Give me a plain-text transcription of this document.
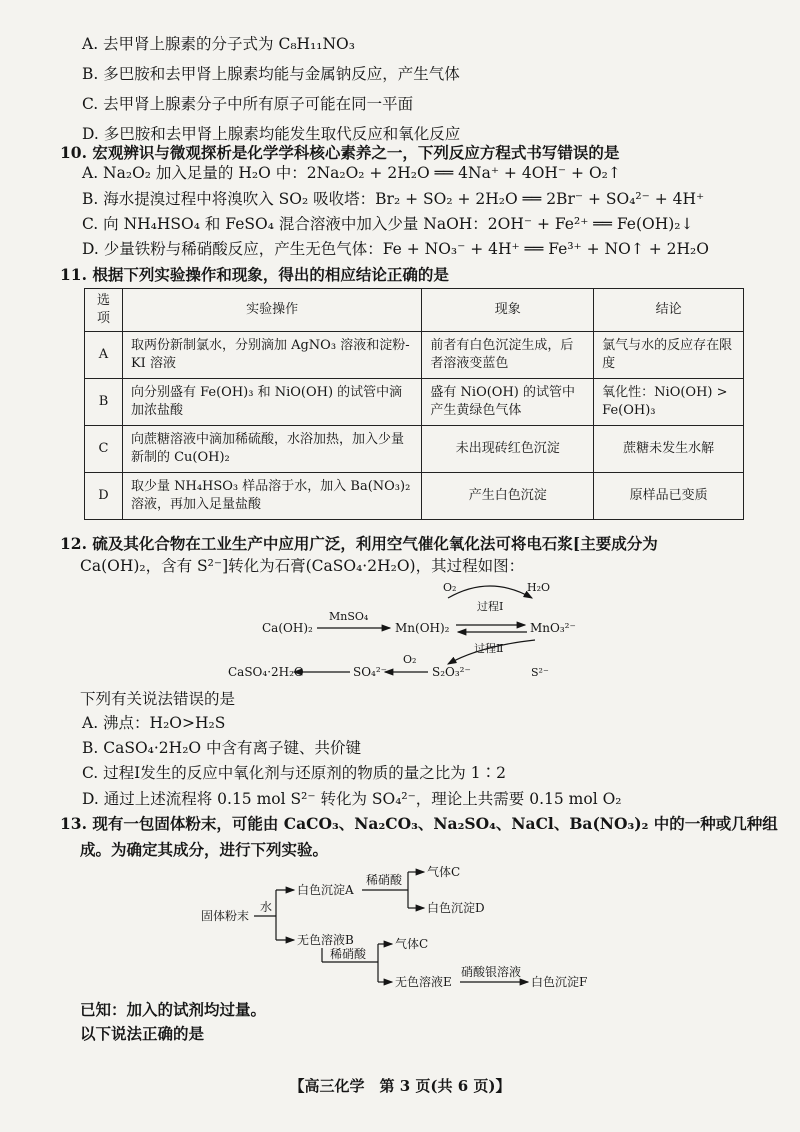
A. 去甲肾上腺素的分子式为 C₈H₁₁NO₃
B. 多巴胺和去甲肾上腺素均能与金属钠反应，产生气体
C. 去甲肾上腺素分子中所有原子可能在同一平面
D. 多巴胺和去甲肾上腺素均能发生取代反应和氧化反应
10. 宏观辨识与微观探析是化学学科核心素养之一，下列反应方程式书写错误的是
A. Na₂O₂ 加入足量的 H₂O 中：2Na₂O₂ + 2H₂O ══ 4Na⁺ + 4OH⁻ + O₂↑
B. 海水提溴过程中将溴吹入 SO₂ 吸收塔：Br₂ + SO₂ + 2H₂O ══ 2Br⁻ + SO₄²⁻ + 4H⁺
C. 向 NH₄HSO₄ 和 FeSO₄ 混合溶液中加入少量 NaOH：2OH⁻ + Fe²⁺ ══ Fe(OH)₂↓
D. 少量铁粉与稀硝酸反应，产生无色气体：Fe + NO₃⁻ + 4H⁺ ══ Fe³⁺ + NO↑ + 2H₂O
11. 根据下列实验操作和现象，得出的相应结论正确的是
选项	实验操作	现象	结论
A	取两份新制氯水，分别滴加 AgNO₃ 溶液和淀粉-KI 溶液	前者有白色沉淀生成，后者溶液变蓝色	氯气与水的反应存在限度
B	向分别盛有 Fe(OH)₃ 和 NiO(OH) 的试管中滴加浓盐酸	盛有 NiO(OH) 的试管中产生黄绿色气体	氧化性：NiO(OH) > Fe(OH)₃
C	向蔗糖溶液中滴加稀硫酸，水浴加热，加入少量新制的 Cu(OH)₂	未出现砖红色沉淀	蔗糖未发生水解
D	取少量 NH₄HSO₃ 样品溶于水，加入 Ba(NO₃)₂ 溶液，再加入足量盐酸	产生白色沉淀	原样品已变质
12. 硫及其化合物在工业生产中应用广泛，利用空气催化氧化法可将电石浆[主要成分为
Ca(OH)₂，含有 S²⁻]转化为石膏(CaSO₄·2H₂O)，其过程如图：
Ca(OH)₂
MnSO₄
Mn(OH)₂	MnO₃²⁻
O₂	H₂O
过程Ⅰ
过程Ⅱ
S²⁻
S₂O₃²⁻
O₂
SO₄²⁻
CaSO₄·2H₂O
固体粉末
水
白色沉淀A
无色溶液B
稀硝酸
气体C
白色沉淀D
稀硝酸
气体C
无色溶液E
硝酸银溶液
白色沉淀F
下列有关说法错误的是
A. 沸点：H₂O>H₂S
B. CaSO₄·2H₂O 中含有离子键、共价键
C. 过程Ⅰ发生的反应中氧化剂与还原剂的物质的量之比为 1∶2
D. 通过上述流程将 0.15 mol S²⁻ 转化为 SO₄²⁻，理论上共需要 0.15 mol O₂
13. 现有一包固体粉末，可能由 CaCO₃、Na₂CO₃、Na₂SO₄、NaCl、Ba(NO₃)₂ 中的一种或几种组
成。为确定其成分，进行下列实验。
已知：加入的试剂均过量。
以下说法正确的是
【高三化学　第 3 页(共 6 页)】
